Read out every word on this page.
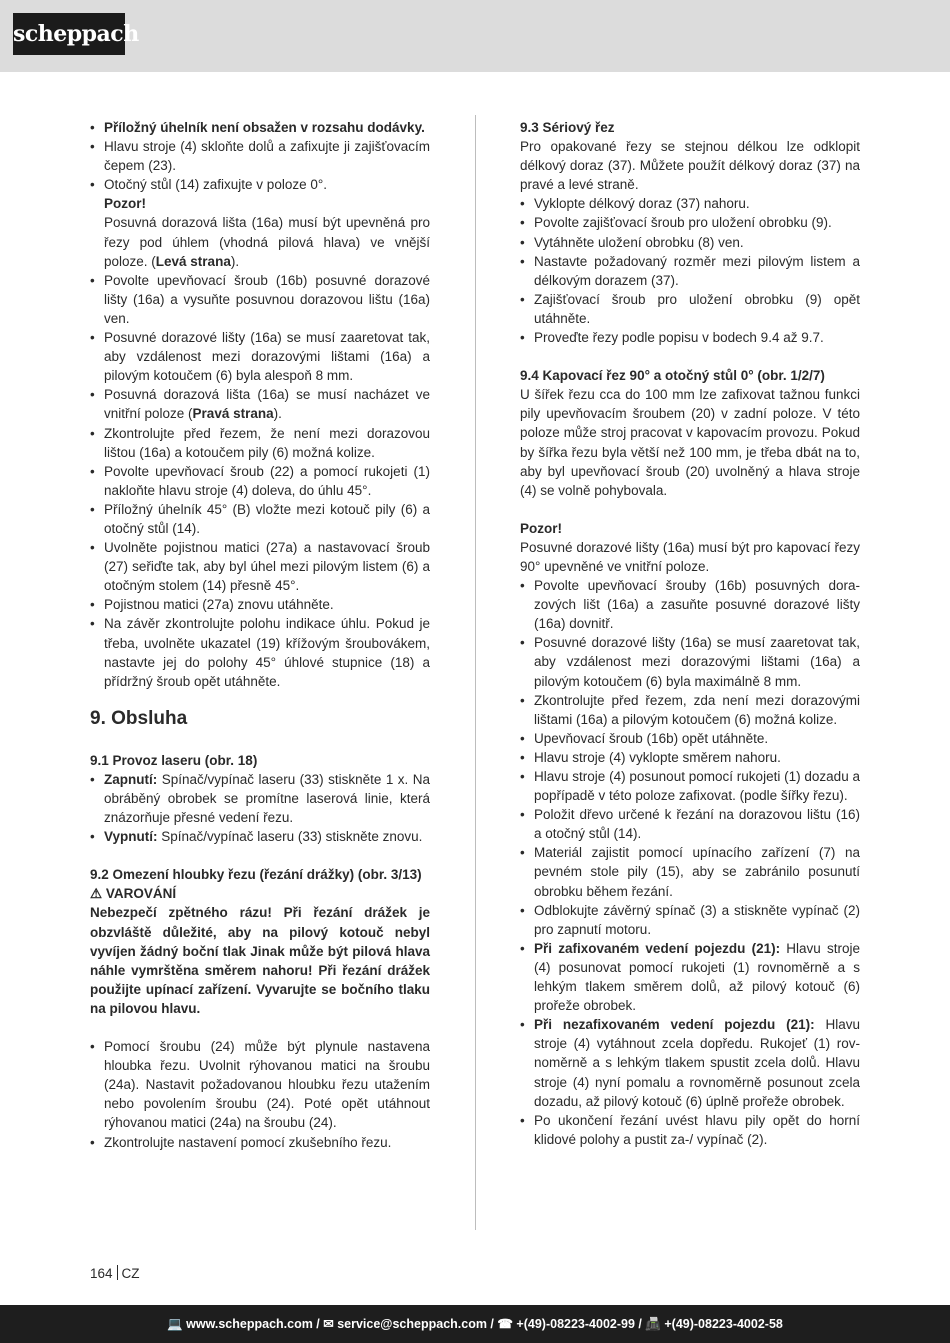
scheppach
• Příložný úhelník není obsažen v rozsahu dodávky.
• Hlavu stroje (4) skloňte dolů a zafixujte ji zajišťovacím čepem (23).
• Otočný stůl (14) zafixujte v poloze 0°.

Pozor!

Posuvná dorazová lišta (16a) musí být upevněná pro řezy pod úhlem (vhodná pilová hlava) ve vnější poloze. (Levá strana).

• Povolte upevňovací šroub (16b) posuvné dorazové lišty (16a) a vysuňte posuvnou dorazovou lištu (16a) ven.
• Posuvné dorazové lišty (16a) se musí zaaretovat tak, aby vzdálenost mezi dorazovými lištami (16a) a pilovým kotoučem (6) byla alespoň 8 mm.
• Posuvná dorazová lišta (16a) se musí nacházet ve vnitřní poloze (Pravá strana).
• Zkontrolujte před řezem, že není mezi dorazovou lištou (16a) a kotoučem pily (6) možná kolize.
• Povolte upevňovací šroub (22) a pomocí rukojeti (1) nakloňte hlavu stroje (4) doleva, do úhlu 45°.
• Příložný úhelník 45° (B) vložte mezi kotouč pily (6) a otočný stůl (14).
• Uvolněte pojistnou matici (27a) a nastavovací šroub (27) seřiďte tak, aby byl úhel mezi pilovým listem (6) a otočným stolem (14) přesně 45°.
• Pojistnou matici (27a) znovu utáhněte.
• Na závěr zkontrolujte polohu indikace úhlu. Pokud je třeba, uvolněte ukazatel (19) křížovým šroubovákem, nastavte jej do polohy 45° úhlové stupnice (18) a přídržný šroub opět utáhněte.
9. Obsluha
9.1 Provoz laseru (obr. 18)
• Zapnutí: Spínač/vypínač laseru (33) stiskněte 1 x. Na obráběný obrobek se promítne laserová linie, která znázorňuje přesné vedení řezu.
• Vypnutí: Spínač/vypínač laseru (33) stiskněte znovu.
9.2 Omezení hloubky řezu (řezání drážky) (obr. 3/13)

⚠ VAROVÁNÍ

Nebezpečí zpětného rázu! Při řezání drážek je obzvláště důležité, aby na pilový kotouč nebyl vyvíjen žádný boční tlak Jinak může být pilová hlava náhle vymrštěna směrem nahoru! Při řezání drážek použijte upínací zařízení. Vyvarujte se bočního tlaku na pilovou hlavu.

• Pomocí šroubu (24) může být plynule nastavena hloubka řezu. Uvolnit rýhovanou matici na šroubu (24a). Nastavit požadovanou hloubku řezu utažením nebo povolením šroubu (24). Poté opět utáhnout rýhovanou matici (24a) na šroubu (24).
• Zkontrolujte nastavení pomocí zkušebního řezu.
9.3 Sériový řez

Pro opakované řezy se stejnou délkou lze odklopit délkový doraz (37). Můžete použít délkový doraz (37) na pravé a levé straně.

• Vyklopte délkový doraz (37) nahoru.
• Povolte zajišťovací šroub pro uložení obrobku (9).
• Vytáhněte uložení obrobku (8) ven.
• Nastavte požadovaný rozměr mezi pilovým listem a délkovým dorazem (37).
• Zajišťovací šroub pro uložení obrobku (9) opět utáhněte.
• Proveďte řezy podle popisu v bodech 9.4 až 9.7.
9.4 Kapovací řez 90° a otočný stůl 0° (obr. 1/2/7)

U šířek řezu cca do 100 mm lze zafixovat tažnou funkci pily upevňovacím šroubem (20) v zadní poloze. V této poloze může stroj pracovat v kapovacím provozu. Pokud by šířka řezu byla větší než 100 mm, je třeba dbát na to, aby byl upevňovací šroub (20) uvolněný a hlava stroje (4) se volně pohybovala.

Pozor!

Posuvné dorazové lišty (16a) musí být pro kapovací řezy 90° upevněné ve vnitřní poloze.

• Povolte upevňovací šrouby (16b) posuvných dorazových lišt (16a) a zasuňte posuvné dorazové lišty (16a) dovnitř.
• Posuvné dorazové lišty (16a) se musí zaaretovat tak, aby vzdálenost mezi dorazovými lištami (16a) a pilovým kotoučem (6) byla maximálně 8 mm.
• Zkontrolujte před řezem, zda není mezi dorazovými lištami (16a) a pilovým kotoučem (6) možná kolize.
• Upevňovací šroub (16b) opět utáhněte.
• Hlavu stroje (4) vyklopte směrem nahoru.
• Hlavu stroje (4) posunout pomocí rukojeti (1) dozadu a popřípadě v této poloze zafixovat. (podle šířky řezu).
• Položit dřevo určené k řezání na dorazovou lištu (16) a otočný stůl (14).
• Materiál zajistit pomocí upínacího zařízení (7) na pevném stole pily (15), aby se zabránilo posunutí obrobku během řezání.
• Odblokujte závěrný spínač (3) a stiskněte vypínač (2) pro zapnutí motoru.
• Při zafixovaném vedení pojezdu (21): Hlavu stroje (4) posunovat pomocí rukojeti (1) rovnoměrně a s lehkým tlakem směrem dolů, až pilový kotouč (6) prořeže obrobek.
• Při nezafixovaném vedení pojezdu (21): Hlavu stroje (4) vytáhnout zcela dopředu. Rukojeť (1) rovnoměrně a s lehkým tlakem spustit zcela dolů. Hlavu stroje (4) nyní pomalu a rovnoměrně posunout zcela dozadu, až pilový kotouč (6) úplně prořeže obrobek.
• Po ukončení řezání uvést hlavu pily opět do horní klidové polohy a pustit za-/ vypínač (2).
164 CZ
💻 www.scheppach.com / ✉ service@scheppach.com / ☎ +(49)-08223-4002-99 / 📠 +(49)-08223-4002-58
